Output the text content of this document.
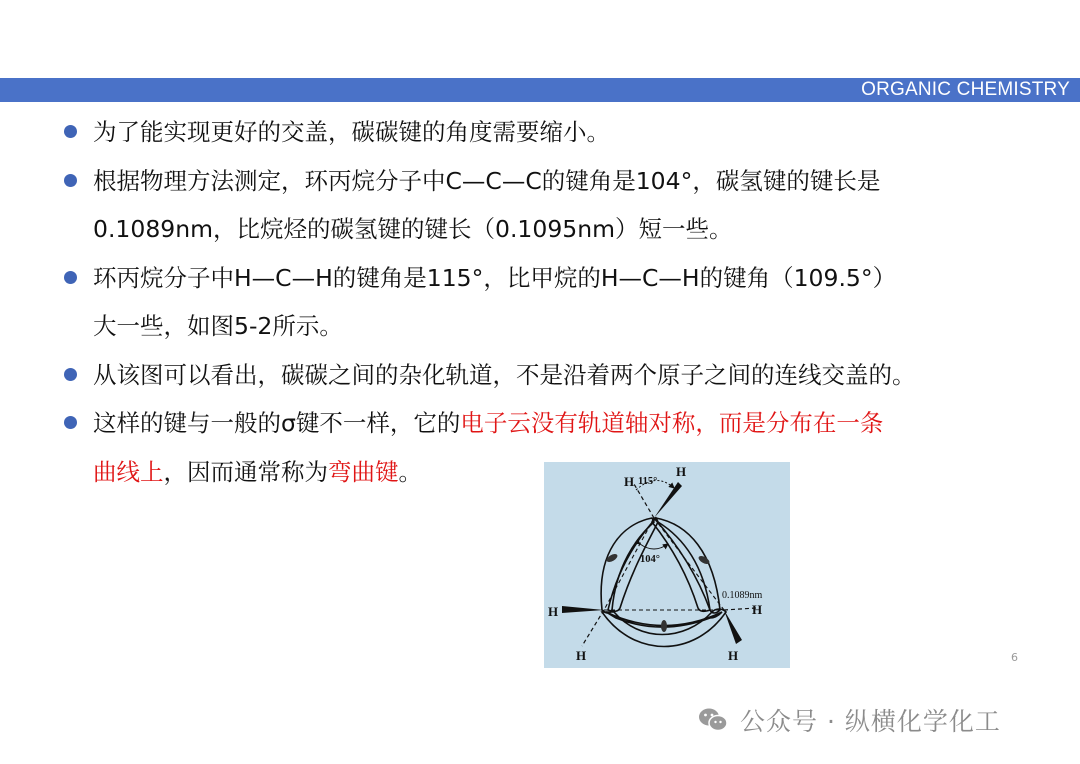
ORGANIC CHEMISTRY
为了能实现更好的交盖，碳碳键的角度需要缩小。
根据物理方法测定，环丙烷分子中C—C—C的键角是104°，碳氢键的键长是
0.1089nm，比烷烃的碳氢键的键长（0.1095nm）短一些。
环丙烷分子中H—C—H的键角是115°，比甲烷的H—C—H的键角（109.5°）
大一些，如图5-2所示。
从该图可以看出，碳碳之间的杂化轨道，不是沿着两个原子之间的连线交盖的。
这样的键与一般的σ键不一样，它的电子云没有轨道轴对称，而是分布在一条
曲线上，因而通常称为弯曲键。	H 115°
H
104°
0.1089nm
H	H
H	H	6
公众号 · 纵横化学化工
